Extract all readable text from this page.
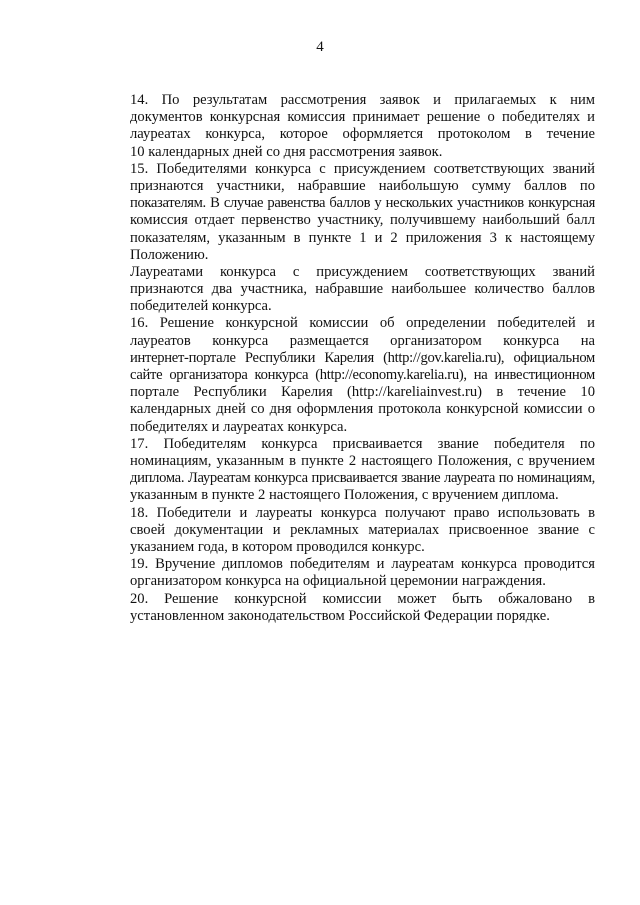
4
14. По результатам рассмотрения заявок и прилагаемых к ним
документов конкурсная комиссия принимает решение о победителях и
лауреатах конкурса, которое оформляется протоколом в течение
10 календарных дней со дня рассмотрения заявок.
15. Победителями конкурса с присуждением соответствующих званий
признаются участники, набравшие наибольшую сумму баллов по
показателям. В случае равенства баллов у нескольких участников конкурсная
комиссия отдает первенство участнику, получившему наибольший балл
показателям, указанным в пункте 1 и 2 приложения 3 к настоящему
Положению.
Лауреатами конкурса с присуждением соответствующих званий
признаются два участника, набравшие наибольшее количество баллов
победителей конкурса.
16. Решение конкурсной комиссии об определении победителей и
лауреатов конкурса размещается организатором конкурса на
интернет-портале Республики Карелия (http://gov.karelia.ru), официальном
сайте организатора конкурса (http://economy.karelia.ru), на инвестиционном
портале Республики Карелия (http://kareliainvest.ru) в течение 10
календарных дней со дня оформления протокола конкурсной комиссии о
победителях и лауреатах конкурса.
17. Победителям конкурса присваивается звание победителя по
номинациям, указанным в пункте 2 настоящего Положения, с вручением
диплома. Лауреатам конкурса присваивается звание лауреата по номинациям,
указанным в пункте 2 настоящего Положения, с вручением диплома.
18. Победители и лауреаты конкурса получают право использовать в
своей документации и рекламных материалах присвоенное звание с
указанием года, в котором проводился конкурс.
19. Вручение дипломов победителям и лауреатам конкурса проводится
организатором конкурса на официальной церемонии награждения.
20. Решение конкурсной комиссии может быть обжаловано в
установленном законодательством Российской Федерации порядке.
